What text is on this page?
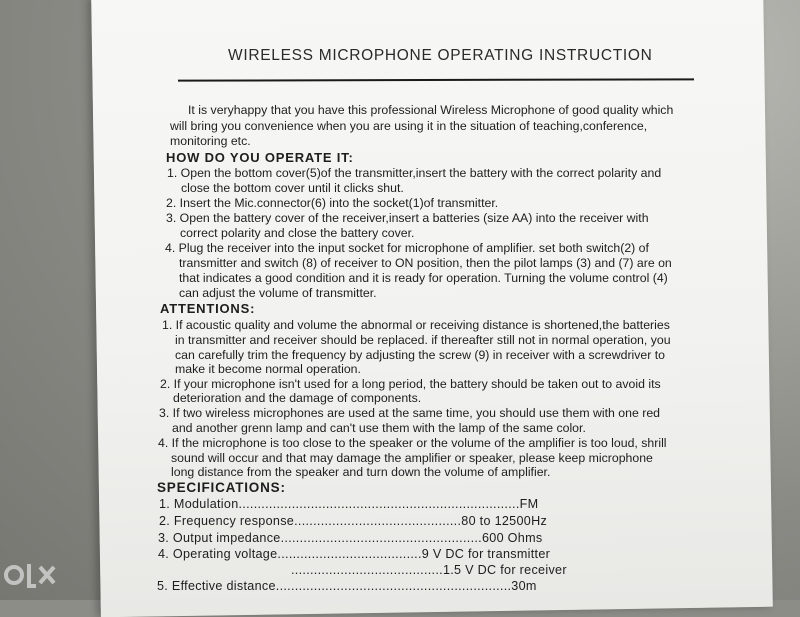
WIRELESS MICROPHONE OPERATING INSTRUCTION
It is veryhappy that you have this professional Wireless Microphone of good quality which
will bring you convenience when you are using it in the situation of teaching,conference,
monitoring etc.
HOW DO YOU OPERATE IT:
1. Open the bottom cover(5)of the transmitter,insert the battery with the correct polarity and
close the bottom cover until it clicks shut.
2. Insert the Mic.connector(6) into the socket(1)of transmitter.
3. Open the battery cover of the receiver,insert a batteries (size AA) into the receiver with
correct polarity and close the battery cover.
4. Plug the receiver into the input socket for microphone of amplifier. set both switch(2) of
transmitter and switch (8) of receiver to ON position, then the pilot lamps (3) and (7) are on
that indicates a good condition and it is ready for operation. Turning the volume control (4)
can adjust the volume of transmitter.
ATTENTIONS:
1. If acoustic quality and volume the abnormal or receiving distance is shortened,the batteries
in transmitter and receiver should be replaced. if thereafter still not in normal operation, you
can carefully trim the frequency by adjusting the screw (9) in receiver with a screwdriver to
make it become normal operation.
2. If your microphone isn't used for a long period, the battery should be taken out to avoid its
deterioration and the damage of components.
3. If two wireless microphones are used at the same time, you should use them with one red
and another grenn lamp and can't use them with the lamp of the same color.
4. If the microphone is too close to the speaker or the volume of the amplifier is too loud, shrill
sound will occur and that may damage the amplifier or speaker, please keep microphone
long distance from the speaker and turn down the volume of amplifier.
SPECIFICATIONS:
1. Modulation..........................................................................FM
2. Frequency response............................................80 to 12500Hz
3. Output impedance.....................................................600 Ohms
4. Operating voltage......................................9 V DC for transmitter
........................................1.5 V DC for receiver
5. Effective distance..............................................................30m
